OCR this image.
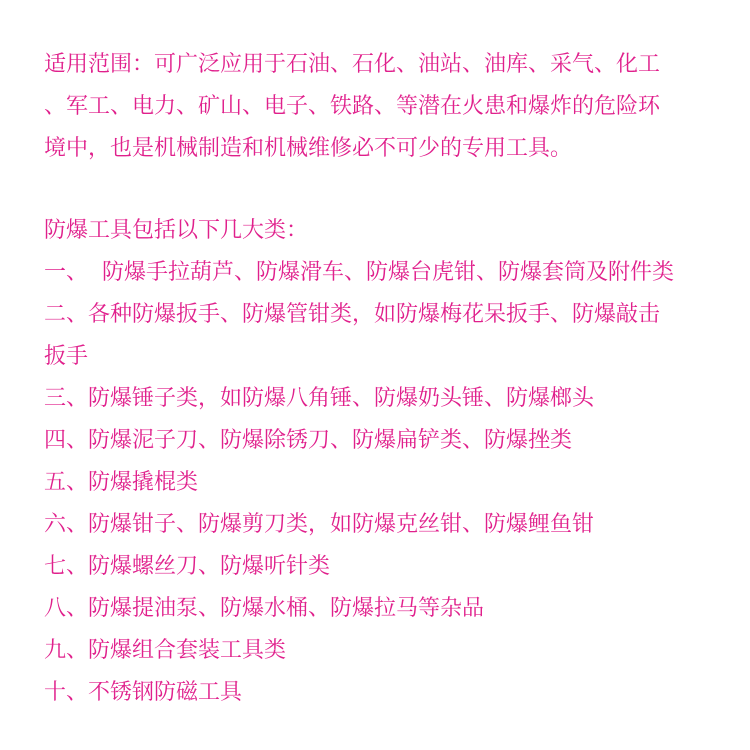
适用范围：可广泛应用于石油、石化、油站、油库、采气、化工
、军工、电力、矿山、电子、铁路、等潜在火患和爆炸的危险环
境中，也是机械制造和机械维修必不可少的专用工具。
防爆工具包括以下几大类：
一、 防爆手拉葫芦、防爆滑车、防爆台虎钳、防爆套筒及附件类
二、各种防爆扳手、防爆管钳类，如防爆梅花呆扳手、防爆敲击
扳手
三、防爆锤子类，如防爆八角锤、防爆奶头锤、防爆榔头
四、防爆泥子刀、防爆除锈刀、防爆扁铲类、防爆挫类
五、防爆撬棍类
六、防爆钳子、防爆剪刀类，如防爆克丝钳、防爆鲤鱼钳
七、防爆螺丝刀、防爆听针类
八、防爆提油泵、防爆水桶、防爆拉马等杂品
九、防爆组合套装工具类
十、不锈钢防磁工具
